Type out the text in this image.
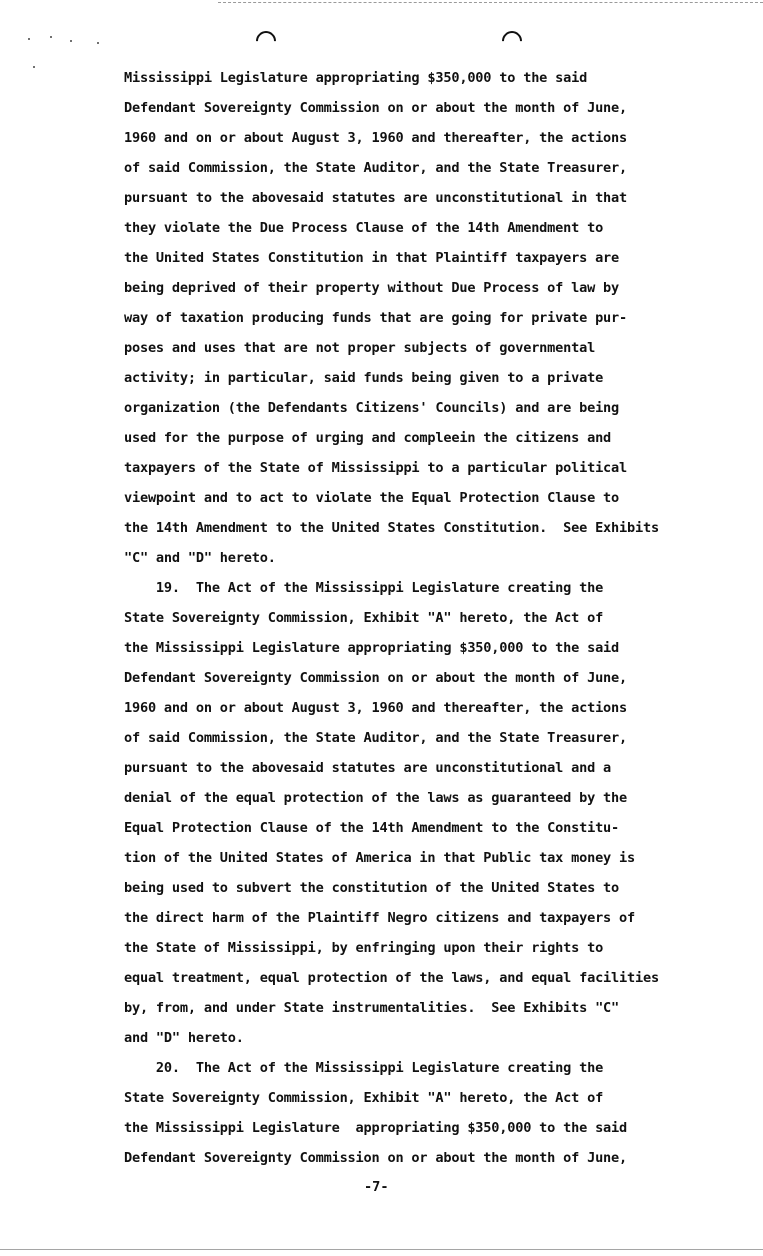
Mississippi Legislature appropriating $350,000 to the said
Defendant Sovereignty Commission on or about the month of June,
1960 and on or about August 3, 1960 and thereafter, the actions
of said Commission, the State Auditor, and the State Treasurer,
pursuant to the abovesaid statutes are unconstitutional in that
they violate the Due Process Clause of the 14th Amendment to
the United States Constitution in that Plaintiff taxpayers are
being deprived of their property without Due Process of law by
way of taxation producing funds that are going for private pur-
poses and uses that are not proper subjects of governmental
activity; in particular, said funds being given to a private
organization (the Defendants Citizens' Councils) and are being
used for the purpose of urging and compleein the citizens and
taxpayers of the State of Mississippi to a particular political
viewpoint and to act to violate the Equal Protection Clause to
the 14th Amendment to the United States Constitution.  See Exhibits
"C" and "D" hereto.
19.  The Act of the Mississippi Legislature creating the
State Sovereignty Commission, Exhibit "A" hereto, the Act of
the Mississippi Legislature appropriating $350,000 to the said
Defendant Sovereignty Commission on or about the month of June,
1960 and on or about August 3, 1960 and thereafter, the actions
of said Commission, the State Auditor, and the State Treasurer,
pursuant to the abovesaid statutes are unconstitutional and a
denial of the equal protection of the laws as guaranteed by the
Equal Protection Clause of the 14th Amendment to the Constitu-
tion of the United States of America in that Public tax money is
being used to subvert the constitution of the United States to
the direct harm of the Plaintiff Negro citizens and taxpayers of
the State of Mississippi, by enfringing upon their rights to
equal treatment, equal protection of the laws, and equal facilities
by, from, and under State instrumentalities.  See Exhibits "C"
and "D" hereto.
20.  The Act of the Mississippi Legislature creating the
State Sovereignty Commission, Exhibit "A" hereto, the Act of
the Mississippi Legislature  appropriating $350,000 to the said
Defendant Sovereignty Commission on or about the month of June,
-7-
